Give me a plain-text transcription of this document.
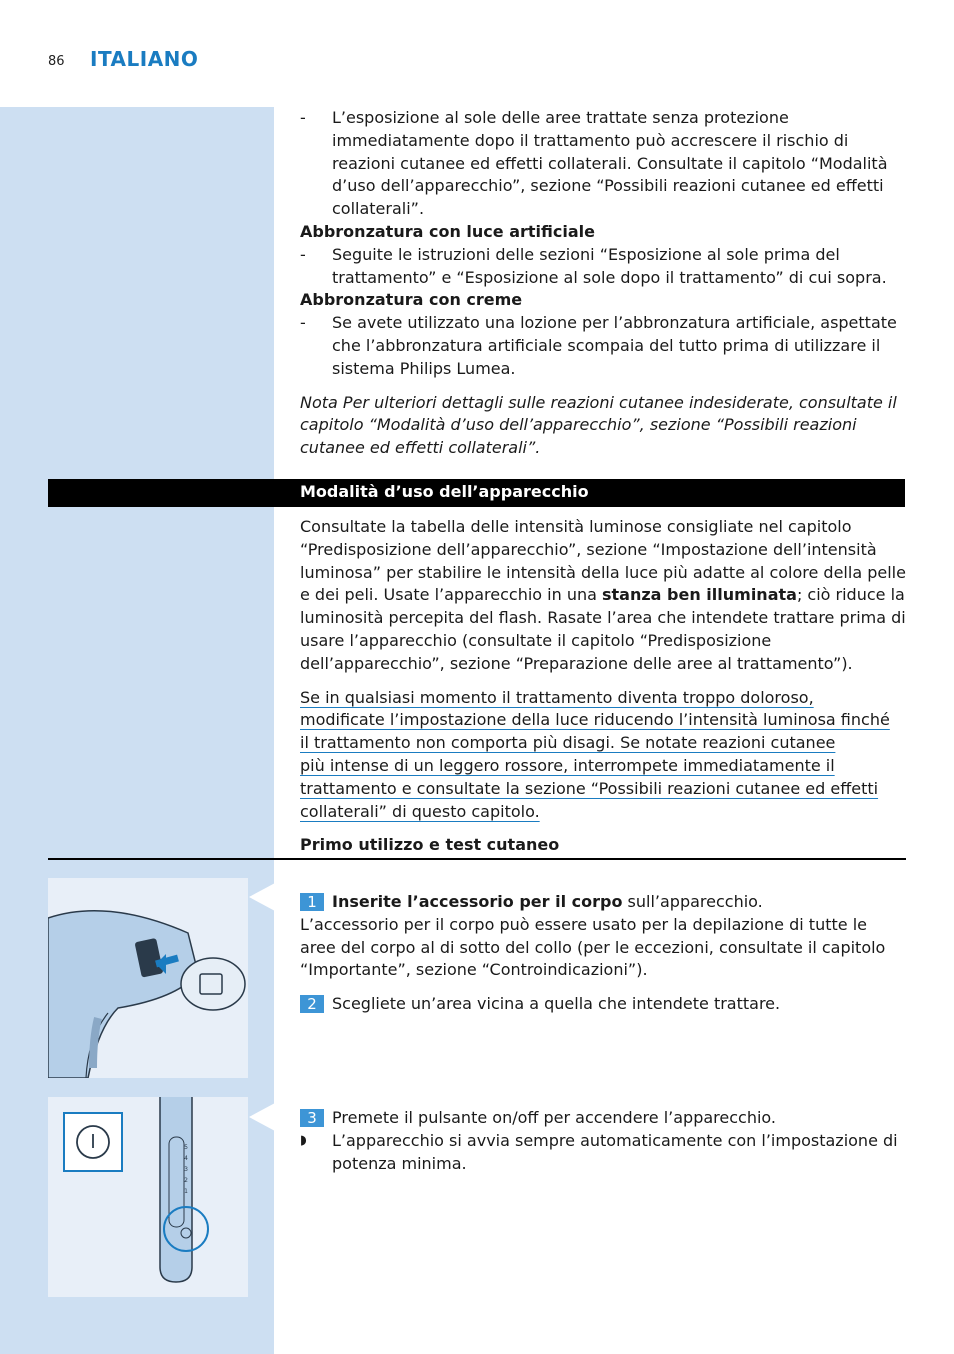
86 ITALIANO
- L’esposizione al sole delle aree trattate senza protezione immediatamente dopo il trattamento può accrescere il rischio di reazioni cutanee ed effetti collaterali. Consultate il capitolo “Modalità d’uso dell’apparecchio”, sezione “Possibili reazioni cutanee ed effetti collaterali”.
Abbronzatura con luce artificiale
- Seguite le istruzioni delle sezioni “Esposizione al sole prima del trattamento” e “Esposizione al sole dopo il trattamento” di cui sopra.
Abbronzatura con creme
- Se avete utilizzato una lozione per l’abbronzatura artificiale, aspettate che l’abbronzatura artificiale scompaia del tutto prima di utilizzare il sistema Philips Lumea.
Nota Per ulteriori dettagli sulle reazioni cutanee indesiderate, consultate il capitolo “Modalità d’uso dell’apparecchio”, sezione “Possibili reazioni cutanee ed effetti collaterali”.
Modalità d’uso dell’apparecchio
Consultate la tabella delle intensità luminose consigliate nel capitolo “Predisposizione dell’apparecchio”, sezione “Impostazione dell’intensità luminosa” per stabilire le intensità della luce più adatte al colore della pelle e dei peli. Usate l’apparecchio in una stanza ben illuminata; ciò riduce la luminosità percepita del flash. Rasate l’area che intendete trattare prima di usare l’apparecchio (consultate il capitolo “Predisposizione dell’apparecchio”, sezione “Preparazione delle aree al trattamento”).
Se in qualsiasi momento il trattamento diventa troppo doloroso,
modificate l’impostazione della luce riducendo l’intensità luminosa finché
il trattamento non comporta più disagi. Se notate reazioni cutanee
più intense di un leggero rossore, interrompete immediatamente il
trattamento e consultate la sezione “Possibili reazioni cutanee ed effetti
collaterali” di questo capitolo.
Primo utilizzo e test cutaneo
1 Inserite l’accessorio per il corpo sull’apparecchio.
L’accessorio per il corpo può essere usato per la depilazione di tutte le aree del corpo al di sotto del collo (per le eccezioni, consultate il capitolo “Importante”, sezione “Controindicazioni”).
2 Scegliete un’area vicina a quella che intendete trattare.
5
4
3
2
1
3 Premete il pulsante on/off per accendere l’apparecchio.
◗ L’apparecchio si avvia sempre automaticamente con l’impostazione di potenza minima.
